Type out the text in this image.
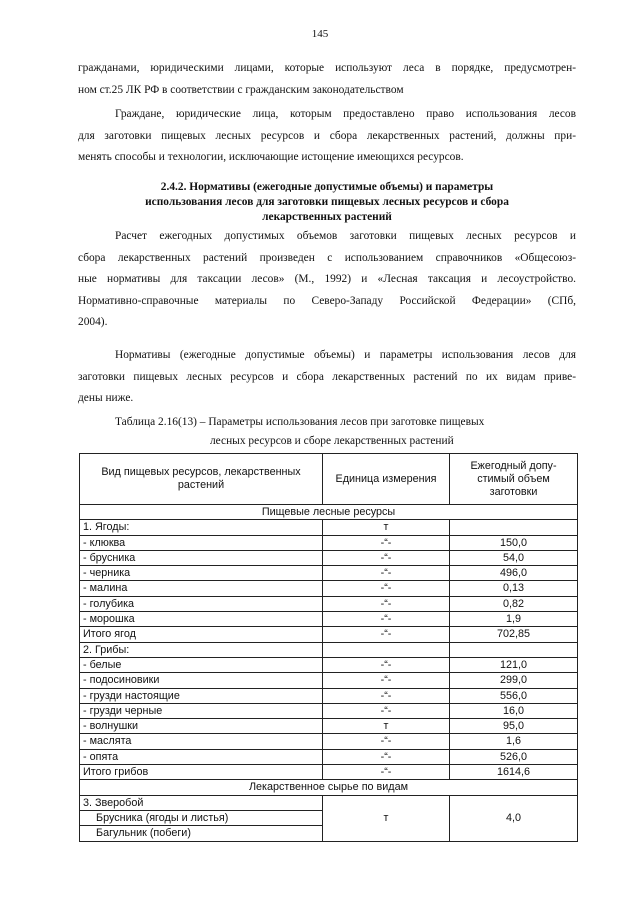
145
гражданами, юридическими лицами, которые используют леса в порядке, предусмотрен-
ном ст.25 ЛК РФ в соответствии с гражданским законодательством
Граждане, юридические лица, которым предоставлено право использования лесов
для заготовки пищевых лесных ресурсов и сбора лекарственных растений, должны при-
менять способы и технологии, исключающие истощение имеющихся ресурсов.
2.4.2. Нормативы (ежегодные допустимые объемы) и параметры
использования лесов для заготовки пищевых лесных ресурсов и сбора
лекарственных растений
Расчет ежегодных допустимых объемов заготовки пищевых лесных ресурсов и
сбора лекарственных растений произведен с использованием справочников «Общесоюз-
ные нормативы для таксации лесов» (М., 1992) и «Лесная таксация и лесоустройство.
Нормативно-справочные материалы по Северо-Западу Российской Федерации» (СПб,
2004).
Нормативы (ежегодные допустимые объемы) и параметры использования лесов для
заготовки пищевых лесных ресурсов и сбора лекарственных растений по их видам приве-
дены ниже.
Таблица 2.16(13) – Параметры использования лесов при заготовке пищевых
лесных ресурсов и сборе лекарственных растений
Вид пищевых ресурсов, лекарственных растений	Единица измерения	Ежегодный допу-стимый объем заготовки
Пищевые лесные ресурсы		
1. Ягоды:	т	
- клюква	-“-	150,0
- брусника	-“-	54,0
- черника	-“-	496,0
- малина	-“-	0,13
- голубика	-“-	0,82
- морошка	-“-	1,9
Итого ягод	-“-	702,85
2. Грибы:		
- белые	-“-	121,0
- подосиновики	-“-	299,0
- грузди настоящие	-“-	556,0
- грузди черные	-“-	16,0
- волнушки	т	95,0
- маслята	-“-	1,6
- опята	-“-	526,0
Итого грибов	-“-	1614,6
Лекарственное сырье по видам		
3. Зверобой	т	4,0
Брусника (ягоды и листья)		
Багульник (побеги)		
